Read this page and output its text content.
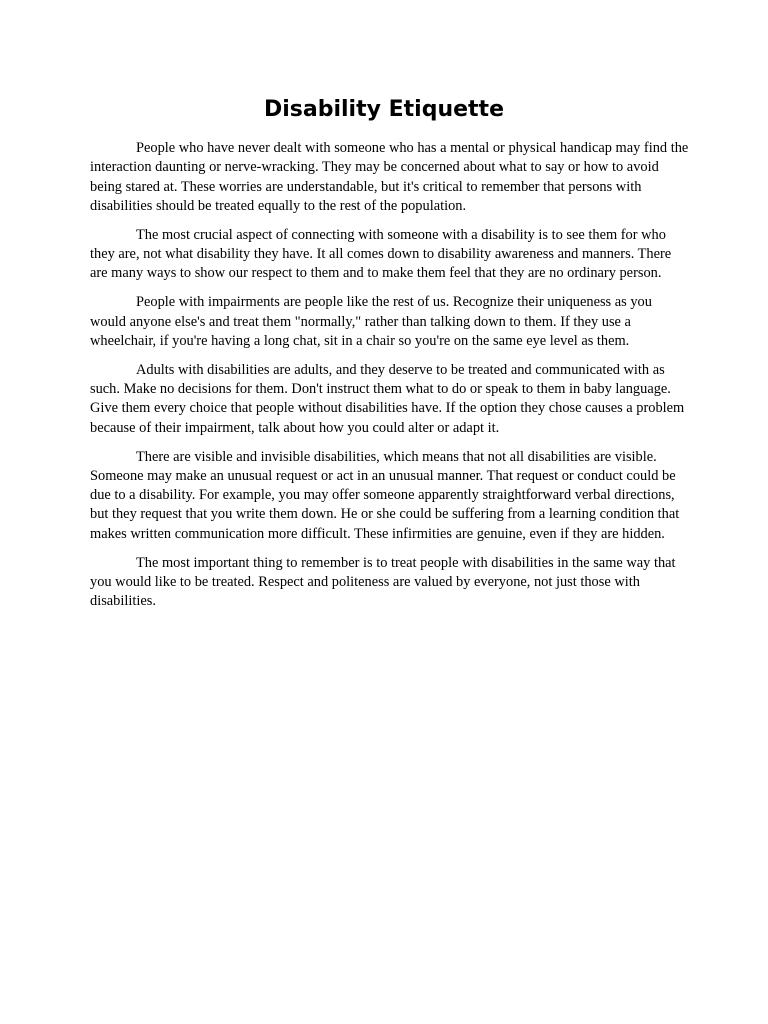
Disability Etiquette

People who have never dealt with someone who has a mental or physical handicap may find the interaction daunting or nerve-wracking. They may be concerned about what to say or how to avoid being stared at. These worries are understandable, but it's critical to remember that persons with disabilities should be treated equally to the rest of the population.

The most crucial aspect of connecting with someone with a disability is to see them for who they are, not what disability they have. It all comes down to disability awareness and manners. There are many ways to show our respect to them and to make them feel that they are no ordinary person.

People with impairments are people like the rest of us. Recognize their uniqueness as you would anyone else's and treat them "normally," rather than talking down to them. If they use a wheelchair, if you're having a long chat, sit in a chair so you're on the same eye level as them.

Adults with disabilities are adults, and they deserve to be treated and communicated with as such. Make no decisions for them. Don't instruct them what to do or speak to them in baby language. Give them every choice that people without disabilities have. If the option they chose causes a problem because of their impairment, talk about how you could alter or adapt it.

There are visible and invisible disabilities, which means that not all disabilities are visible. Someone may make an unusual request or act in an unusual manner. That request or conduct could be due to a disability. For example, you may offer someone apparently straightforward verbal directions, but they request that you write them down. He or she could be suffering from a learning condition that makes written communication more difficult. These infirmities are genuine, even if they are hidden.

The most important thing to remember is to treat people with disabilities in the same way that you would like to be treated. Respect and politeness are valued by everyone, not just those with disabilities.
